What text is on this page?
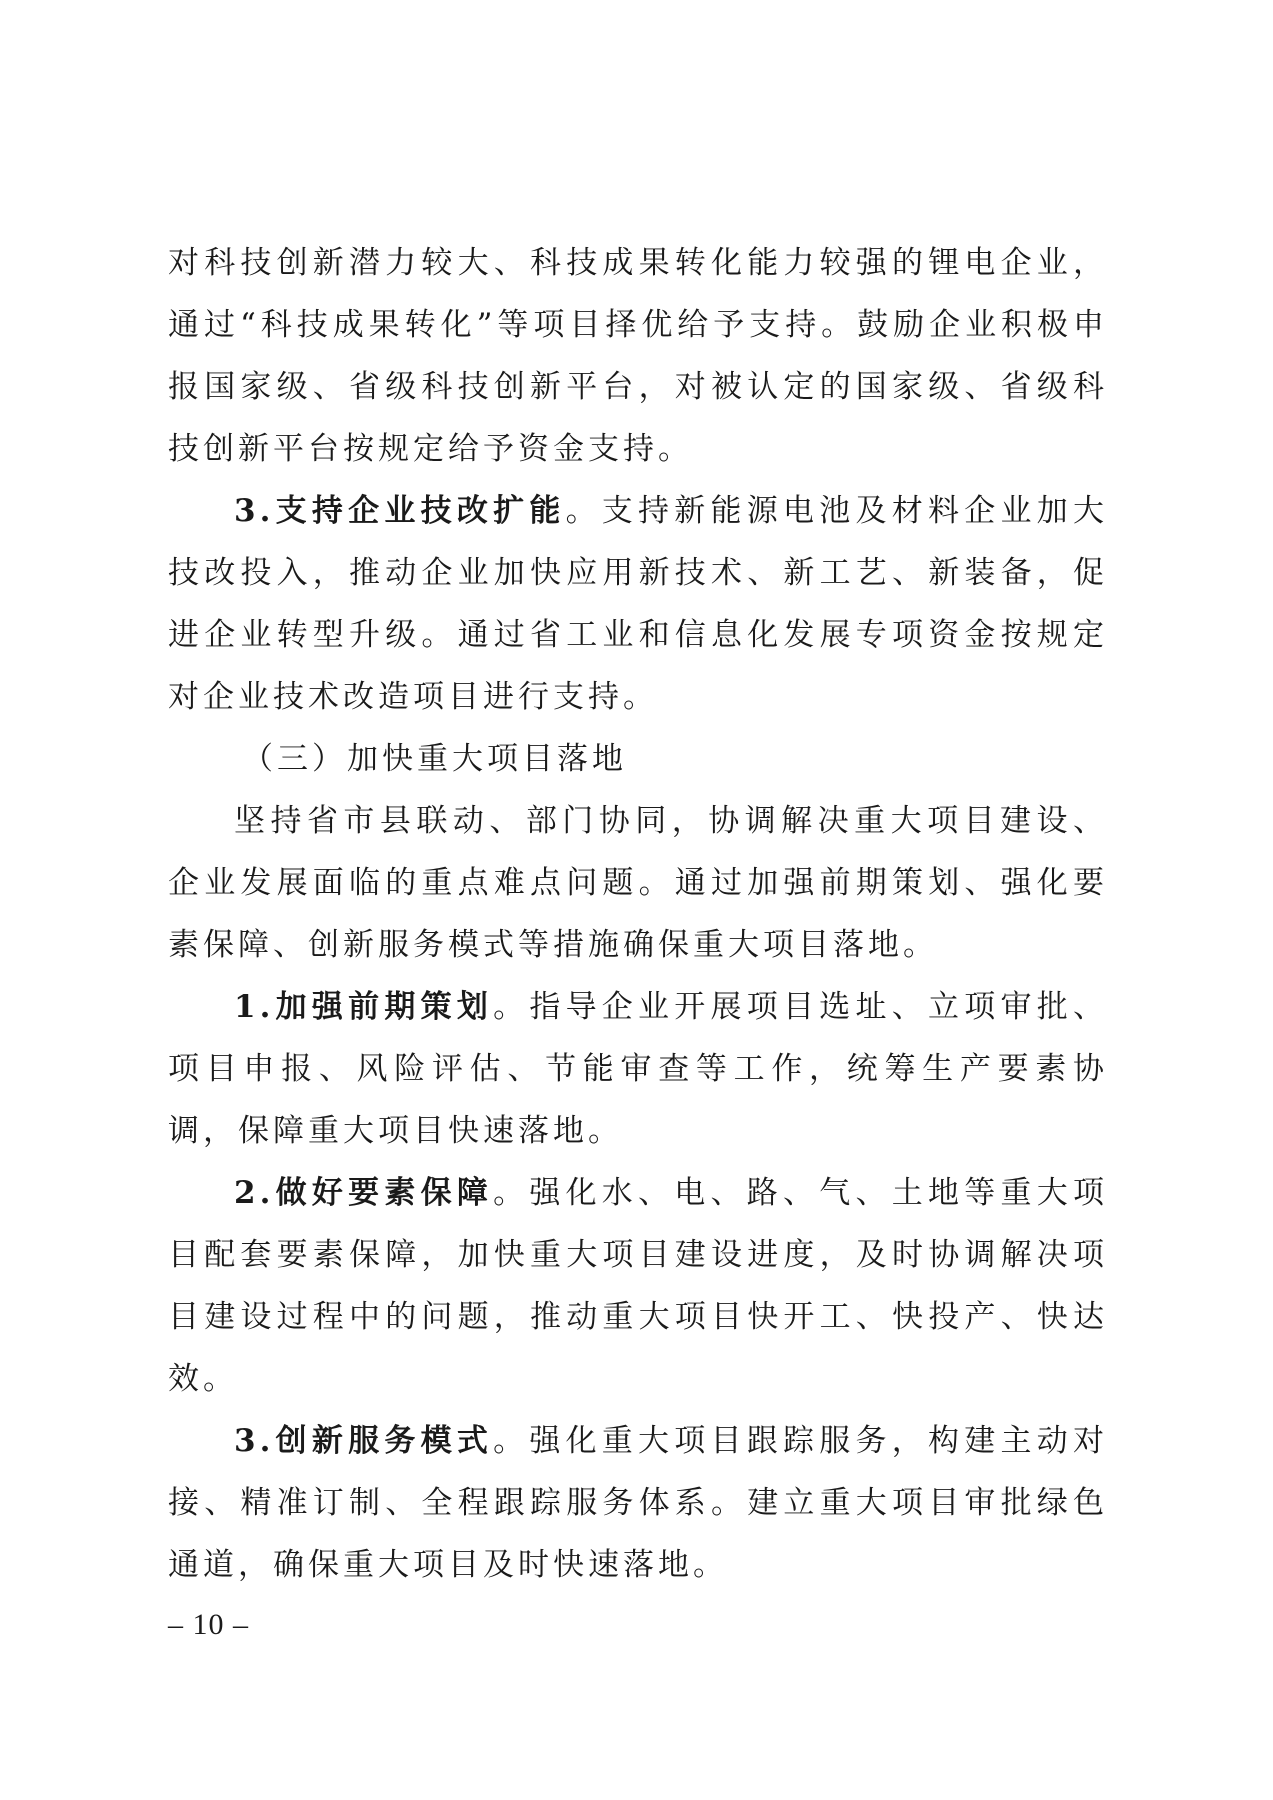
对科技创新潜力较大、科技成果转化能力较强的锂电企业，通过“科技成果转化”等项目择优给予支持。鼓励企业积极申报国家级、省级科技创新平台，对被认定的国家级、省级科技创新平台按规定给予资金支持。

3.支持企业技改扩能。支持新能源电池及材料企业加大技改投入，推动企业加快应用新技术、新工艺、新装备，促进企业转型升级。通过省工业和信息化发展专项资金按规定对企业技术改造项目进行支持。

（三）加快重大项目落地

坚持省市县联动、部门协同，协调解决重大项目建设、企业发展面临的重点难点问题。通过加强前期策划、强化要素保障、创新服务模式等措施确保重大项目落地。

1.加强前期策划。指导企业开展项目选址、立项审批、项目申报、风险评估、节能审查等工作，统筹生产要素协调，保障重大项目快速落地。

2.做好要素保障。强化水、电、路、气、土地等重大项目配套要素保障，加快重大项目建设进度，及时协调解决项目建设过程中的问题，推动重大项目快开工、快投产、快达效。

3.创新服务模式。强化重大项目跟踪服务，构建主动对接、精准订制、全程跟踪服务体系。建立重大项目审批绿色通道，确保重大项目及时快速落地。

– 10 –
